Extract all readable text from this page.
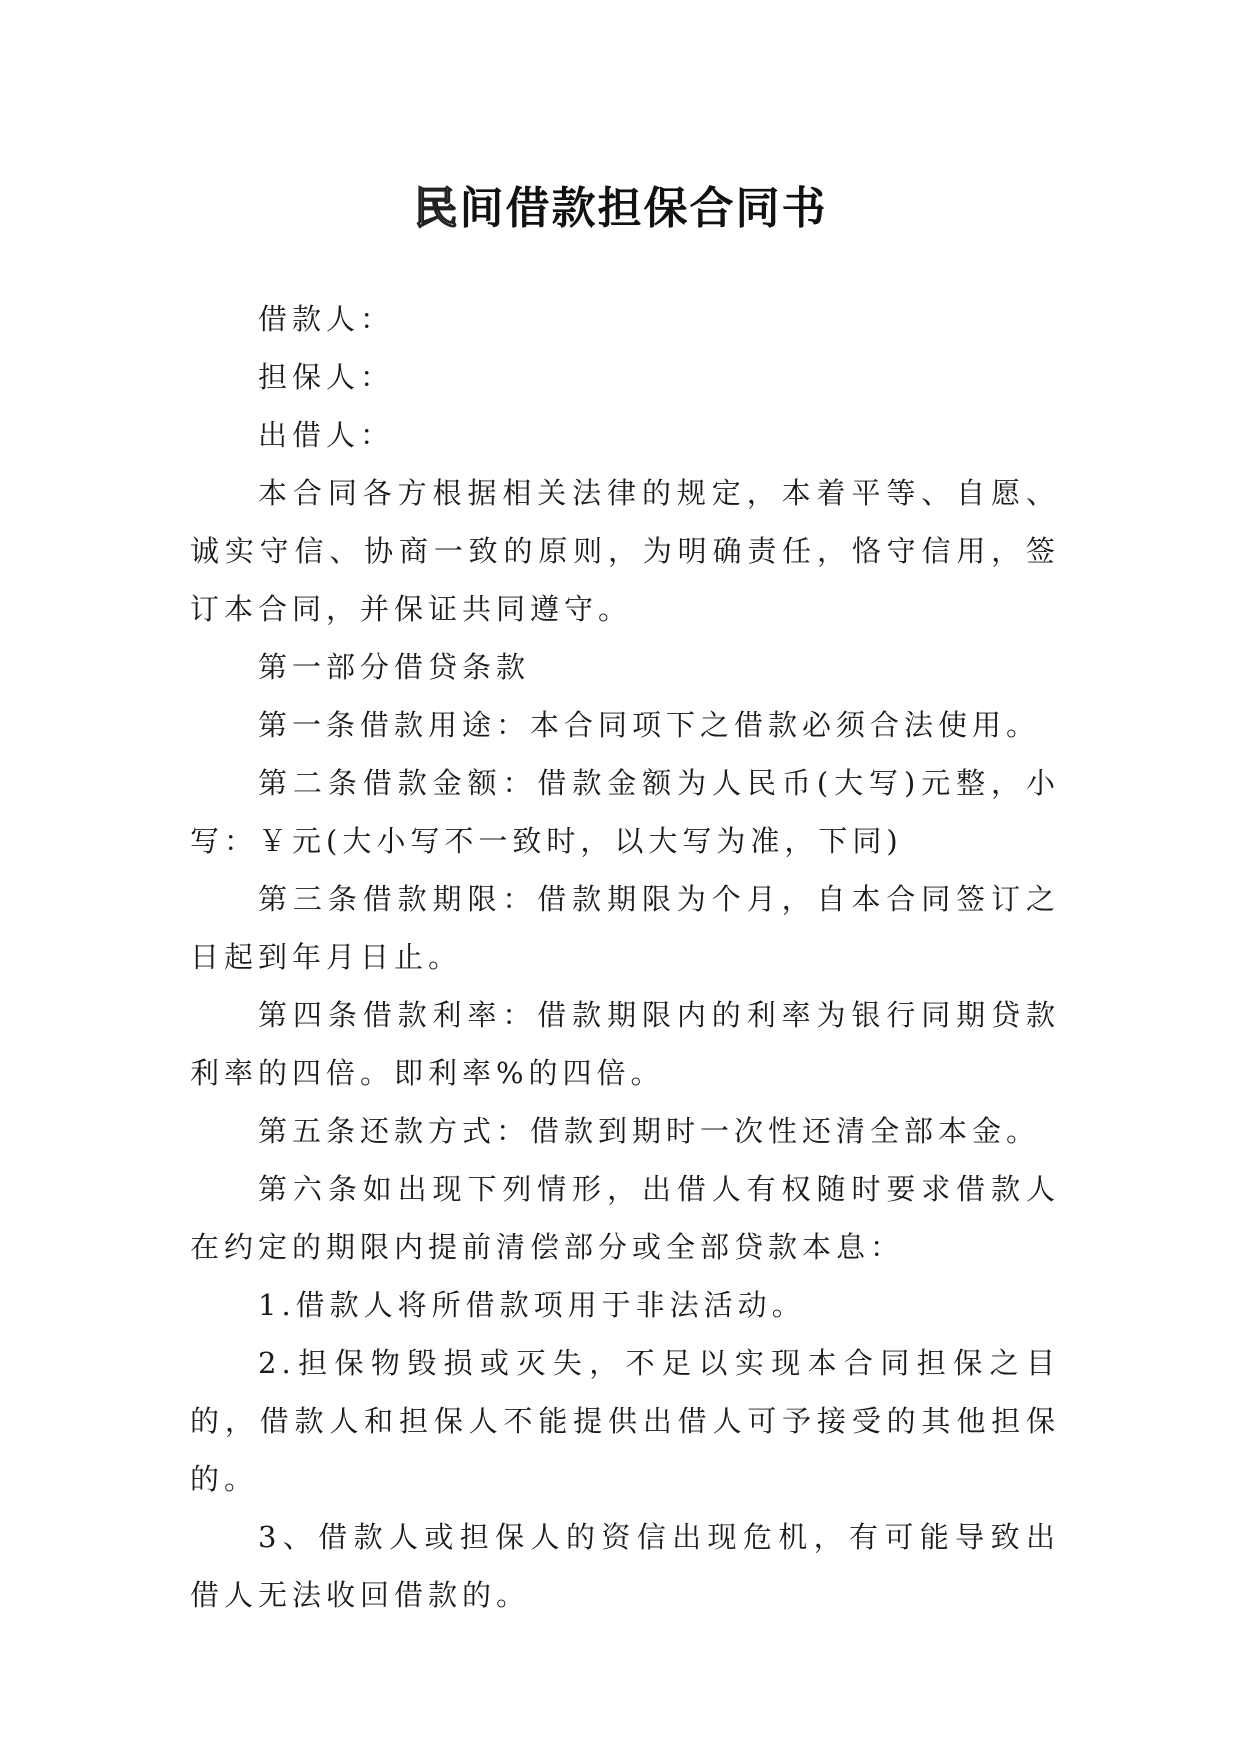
民间借款担保合同书

借款人：

担保人：

出借人：

本合同各方根据相关法律的规定，本着平等、自愿、诚实守信、协商一致的原则，为明确责任，恪守信用，签订本合同，并保证共同遵守。

第一部分借贷条款

第一条借款用途：本合同项下之借款必须合法使用。

第二条借款金额：借款金额为人民币(大写)元整，小写：￥元(大小写不一致时，以大写为准，下同)

第三条借款期限：借款期限为个月，自本合同签订之日起到年月日止。

第四条借款利率：借款期限内的利率为银行同期贷款利率的四倍。即利率%的四倍。

第五条还款方式：借款到期时一次性还清全部本金。

第六条如出现下列情形，出借人有权随时要求借款人在约定的期限内提前清偿部分或全部贷款本息：

1.借款人将所借款项用于非法活动。

2.担保物毁损或灭失，不足以实现本合同担保之目的，借款人和担保人不能提供出借人可予接受的其他担保的。

3、借款人或担保人的资信出现危机，有可能导致出借人无法收回借款的。
